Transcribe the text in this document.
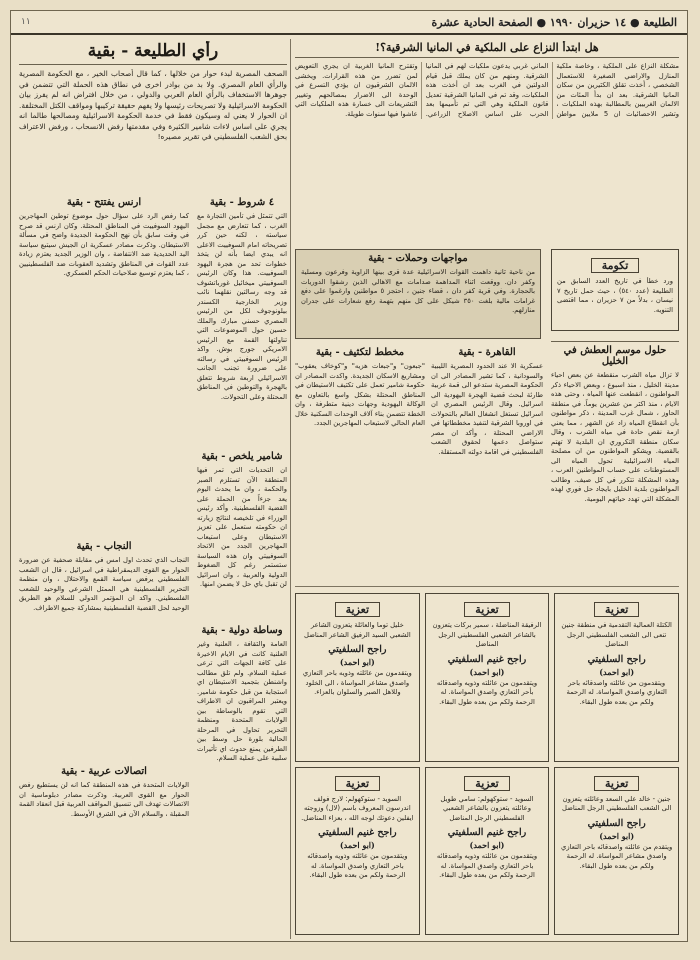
الطليعة ● ١٤ حزيران ١٩٩٠ ● الصفحة الحادية عشرة
١١
رأي الطليعة - بقية

الصحف المصرية لبدء حوار من خلالها ، كما قال أصحاب الخير ، مع الحكومة المصرية والرأي العام المصري. ولا بد من بوادر اخرى في نطاق هذه الحملة التي تتضمن في جوهرها الاستخفاف بالرأي العام العربي والدولي ، من خلال افتراض انه لم يفرز بيان الحكومة الاسرائيلية ولا تصريحات رئيسها ولا يفهم حقيقة تركيبها ومواقف الكتل المختلفة. ان الحوار لا يعني له وسيكون فقط في خدمة الحكومة الاسرائيلية ومصالحها طالما انه يجري على اساس لاءات شامير الكثيرة وفي مقدمتها رفض الانسحاب ، ورفض الاعتراف بحق الشعب الفلسطيني في تقرير مصيره!

هل ابتدأ النزاع على الملكية في المانيا الشرقية؟!

مشكلة النزاع على الملكية ، وخاصة ملكية المنازل والاراضي الصغيرة للاستعمال الشخصي ، أخذت تقلق الكثيرين من سكان المانيا الشرقية. بعد ان بدأ المئات من الالمان الغربيين بالمطالبة بهذه الملكيات ، وتشير الاحصائيات ان 5 ملايين مواطن الماني غربي يدعون ملكيات لهم في المانيا الشرقية. ومنهم من كان يملك قبل قيام الدولتين في الغرب بعد ان أخذت هذه الملكيات، وقد تم في المانيا الشرقية تعديل قانون الملكية وهي التي تم تأميمها بعد الحرب على اساس الاصلاح الزراعي. وتقترح المانيا الغربية ان يجري التعويض لمن تضرر من هذه القرارات. ويخشى الالمان الشرقيون ان يؤدي التسرع في الوحدة الى الاضرار بمصالحهم وتغيير التشريعات الى خسارة هذه الملكيات التي عاشوا فيها سنوات طويلة.

تكومة

ورد خطأ في تاريخ العدد السابق من الطليعة (عدد ٥٤٠) ، حيث حمل تاريخ ٧ نيسان ، بدلاً من ٧ حزيران ، مما اقتضى التنويه.

مواجهات وحملات - بقية

من ناحية ثانية داهمت القوات الاسرائيلية عدة قرى بينها الزاوية وفرعون ومسلية وكفر دان. ووقعت اثناء المداهمة صدامات مع الاهالي الذين رشقوا الدوريات بالحجارة. وفي قرية كفر دان ، قضاء جنين ، احتجز ٥ مواطنين وارغموا على دفع غرامات مالية بلغت ٣٥٠ شيكل على كل منهم بتهمة رفع شعارات على جدران منازلهم.

٤ شروط - بقية

التي تتمثل في تأمين التجارة مع الغرب ، كما تتعارض مع مجمل سياسته ، لكنه حين كرر تصريحاته امام السوفييت الاعلى انه يبدي ايضا بأنه لن يتخذ خطوات تحد من هجرة اليهود السوفييت. هذا وكان الرئيس السوفييتي ميخائيل غورباتشوف قد وجه رسالتين نقلهما نائب وزير الخارجية الكسندر بيلونوجوف لكل من الرئيس المصري حسني مبارك والملك حسين حول الموضوعات التي تناولتها القمة مع الرئيس الامريكي جورج بوش. واكد الرئيس السوفييتي في رسالته على ضرورة تجنب الجانب الاسرائيلي اربعة شروط تتعلق بالهجرة والتوطين في المناطق المحتلة وعلى التحولات.

ارنس يفتتح - بقية

كما رفض الرد على سؤال حول موضوع توطين المهاجرين اليهود السوفييت في المناطق المحتلة. وكان ارنس قد صرح في وقت سابق بأن نهج الحكومة الجديدة واضح في مسألة الاستيطان. وذكرت مصادر عسكرية ان الجيش سيتبع سياسة اليد الحديدية ضد الانتفاضة ، وان الوزير الجديد يعتزم زيادة عدد القوات في المناطق وتشديد العقوبات ضد الفلسطينيين ، كما يعتزم توسيع صلاحيات الحكم العسكري.

شامير يلخص - بقية

ان التحديات التي تمر فيها المنطقة الآن تستلزم الصبر والحكمة ، وان ما يحدث اليوم يعد جزءاً من الحملة على القضية الفلسطينية. وأكد رئيس الوزراء في تلخيصه لنتائج زيارته ان حكومته ستعمل على تعزيز الاستيطان وعلى استيعاب المهاجرين الجدد من الاتحاد السوفييتي وان هذه السياسة ستستمر رغم كل الضغوط الدولية والعربية ، وان اسرائيل لن تقبل باي حل لا يضمن امنها.

القاهرة - بقية

عسكرية الا عند الحدود المصرية الليبية والسودانية ، كما تشير المصادر الى ان الحكومة المصرية ستدعو الى قمة عربية طارئة لبحث قضية الهجرة اليهودية الى اسرائيل. وقال الرئيس المصري ان اسرائيل تستغل انشغال العالم بالتحولات في اوروبا الشرقية لتنفيذ مخططاتها في الاراضي المحتلة ، وأكد ان مصر ستواصل دعمها لحقوق الشعب الفلسطيني في اقامة دولته المستقلة.

مخطط لتكثيف - بقية

"جبعون" و"جبعات هزيه" و"كوخاف يعقوب" ومشاريع الاسكان الجديدة. واكدت المصادر ان حكومة شامير تعمل على تكثيف الاستيطان في المناطق المحتلة بشكل واسع بالتعاون مع الوكالة اليهودية وجهات دينية متطرفة ، وان الخطة تتضمن بناء آلاف الوحدات السكنية خلال العام الحالي لاستيعاب المهاجرين الجدد.

حلول موسم العطش في الخليل

لا تزال مياه الشرب منقطعة عن بعض احياء مدينة الخليل ، منذ اسبوع ، وبعض الاحياء ذكر المواطنون ، انقطعت عنها المياه ، وحتى هذه الايام ، منذ اكثر من عشرين يوماً. في منطقة الحاوز ، شمال غرب المدينة ، ذكر مواطنون بأن انقطاع المياه زاد عن الشهر ، مما يعني ازمة نقص حادة في مياه الشرب ، وقال سكان منطقة التكروري ان البلدية لا تهتم بالقضية. ويشكو المواطنون من ان مصلحة المياه الاسرائيلية تحول المياه الى المستوطنات على حساب المواطنين العرب ، وهذه المشكلة تتكرر في كل صيف. وطالب المواطنون بلدية الخليل بايجاد حل فوري لهذه المشكلة التي تهدد حياتهم اليومية.

النجاب - بقية

النجاب الذي تحدث اول امس في مقابلة صحفية عن ضرورة الحوار مع القوى الديمقراطية في اسرائيل ، قال ان الشعب الفلسطيني يرفض سياسة القمع والاحتلال ، وان منظمة التحرير الفلسطينية هي الممثل الشرعي والوحيد للشعب الفلسطيني. واكد ان المؤتمر الدولي للسلام هو الطريق الوحيد لحل القضية الفلسطينية بمشاركة جميع الاطراف.

وساطة دولية - بقية

العامة والثقافة ، العلنية وغير العلنية كانت في الايام الاخيرة على كافة الجهات التي ترعى عملية السلام. ولم تلق مطالب واشنطن بتجميد الاستيطان اي استجابة من قبل حكومة شامير. ويعتبر المراقبون ان الاطراف التي تقوم بالوساطة بين الولايات المتحدة ومنظمة التحرير تحاول في المرحلة الحالية بلورة حل وسط بين الطرفين يمنع حدوث اي تأثيرات سلبية على عملية السلام.

اتصالات عربية - بقية

الولايات المتحدة في هذه المنطقة كما انه لن يستطيع رفض الحوار مع القوى العربية. وذكرت مصادر دبلوماسية ان الاتصالات تهدف الى تنسيق المواقف العربية قبل انعقاد القمة المقبلة ، والسلام الآن في الشرق الأوسط.

تعزية

الكتلة العمالية التقدمية في منطقة جنين تنعى الى الشعب الفلسطيني الرجل المناضل

راجح السلفيتي
(ابو احمد)

ويتقدمون من عائلته واصدقائه باحر التعازي واصدق المواساة. له الرحمة ولكم من بعده طول البقاء.

تعزية

الرفيقة المناضلة ، سمير بركات يتعزون بالشاعر الشعبي الفلسطيني الرجل المناضل

راجح غنيم السلفيتي
(ابو احمد)

ويتقدمون من عائلته وذويه واصدقائه بأحر التعازي واصدق المواساة. له الرحمة ولكم من بعده طول البقاء.

تعزية

خليل توما والعائلة يتعزون الشاعر الشعبي السيد الرفيق الشاعر المناضل

راجح السلفيتي
(ابو احمد)

ويتقدمون من عائلته وذويه باحر التعازي واصدق مشاعر المواساة ، الى الخلود وللاهل الصبر والسلوان بالعزاء.

تعزية

جنين - خالد علي السعد وعائلته يتعزون الى الشعب الفلسطيني الرجل المناضل

راجح السلفيتي
(ابو احمد)

ويتقدم من عائلته واصدقائه باحر التعازي واصدق مشاعر المواساة. له الرحمة ولكم من بعده طول البقاء.

تعزية

السويد - ستوكهولم: سامي طويل وعائلته يتعزون بالشاعر الشعبي الفلسطيني الرجل المناضل

راجح غنيم السلفيتي
(ابو احمد)

ويتقدمون من عائلته وذويه واصدقائه باحر التعازي واصدق المواساة. له الرحمة ولكم من بعده طول البقاء.

تعزية

السويد - ستوكهولم: لارج فولف اندرسون المعروف باسم (لال) وزوجته ايفلين دعوتك لوجه الله ، بعزاء المناضل.

راجح غنيم السلفيتي
(ابو احمد)

ويتقدمون من عائلته وذويه واصدقائه باحر التعازي واصدق المواساة. له الرحمة ولكم من بعده طول البقاء.
